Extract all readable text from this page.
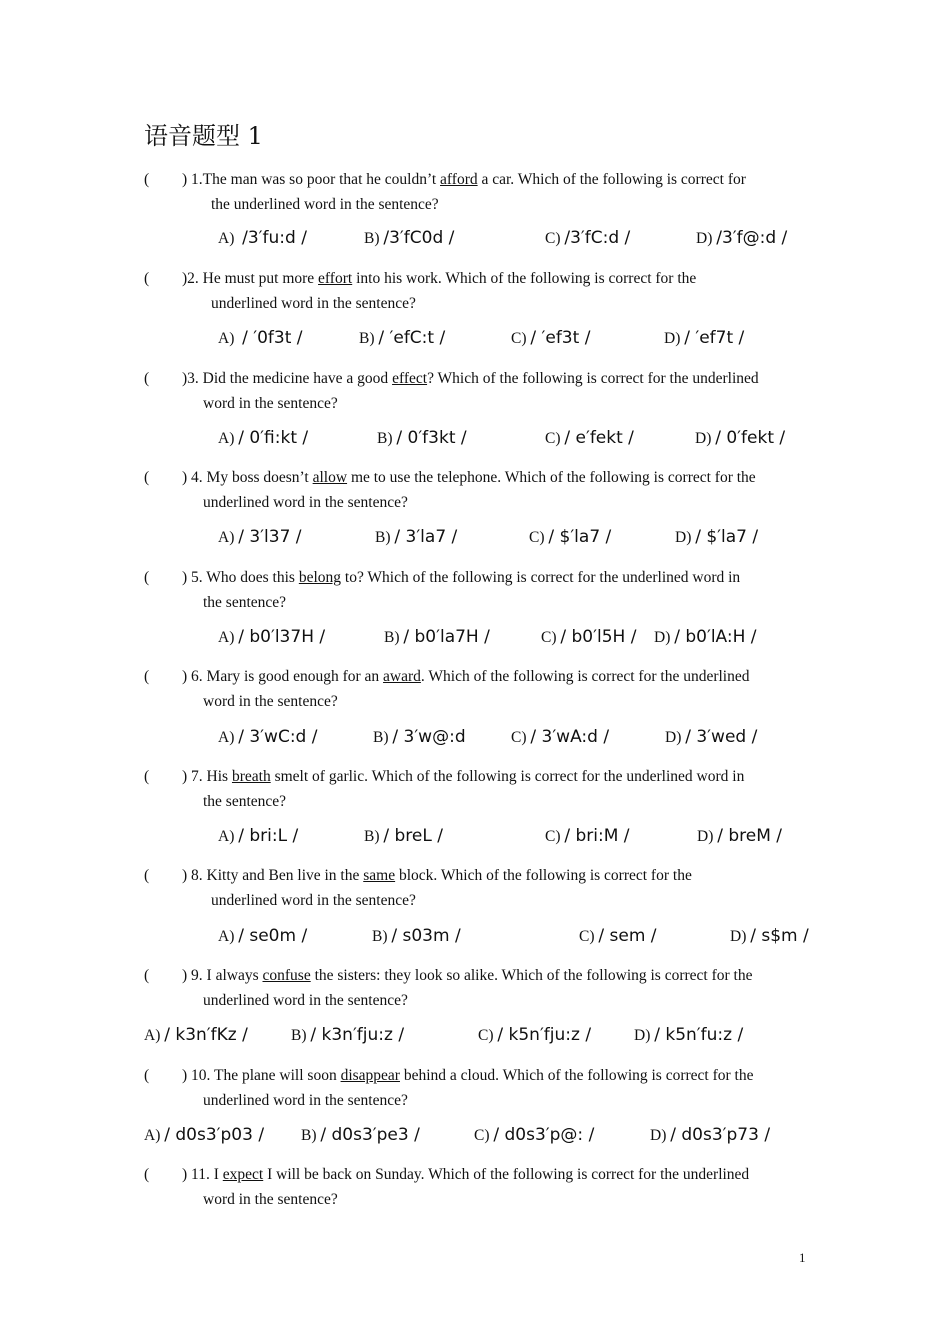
语音题型 1
( ) 1.The man was so poor that he couldn’t afford a car. Which of the following is correct for
the underlined word in the sentence?
A) /3′fu:d /	B) /3′fC0d /	C) /3′fC:d /	D) /3′f@:d /
( )2. He must put more effort into his work. Which of the following is correct for the
underlined word in the sentence?
A) / ′0f3t /	B) / ′efC:t /	C) / ′ef3t /	D) / ′ef7t /
( )3. Did the medicine have a good effect? Which of the following is correct for the underlined
word in the sentence?
A) / 0′fi:kt /	B) / 0′f3kt /	C) / e′fekt /	D) / 0′fekt /
( ) 4. My boss doesn’t allow me to use the telephone. Which of the following is correct for the
underlined word in the sentence?
A) / 3′l37 /	B) / 3′la7 /	C) / $′la7 /	D) / $′la7 /
( ) 5. Who does this belong to? Which of the following is correct for the underlined word in
the sentence?
A) / b0′l37H /	B) / b0′la7H /	C) / b0′l5H / D) / b0′lA:H /
( ) 6. Mary is good enough for an award. Which of the following is correct for the underlined
word in the sentence?
A) / 3′wC:d /	B) / 3′w@:d	C) / 3′wA:d /	D) / 3′wed /
( ) 7. His breath smelt of garlic. Which of the following is correct for the underlined word in
the sentence?
A) / bri:L /	B) / breL /	C) / bri:M /	D) / breM /
( ) 8. Kitty and Ben live in the same block. Which of the following is correct for the
underlined word in the sentence?
A) / se0m /	B) / s03m /	C) / sem /	D) / s$m /
( ) 9. I always confuse the sisters: they look so alike. Which of the following is correct for the
underlined word in the sentence?
A) / k3n′fKz /	B) / k3n′fju:z /	C) / k5n′fju:z /	D) / k5n′fu:z /
( ) 10. The plane will soon disappear behind a cloud. Which of the following is correct for the
underlined word in the sentence?
A) / d0s3′p03 / B) / d0s3′pe3 /	C) / d0s3′p@: /	D) / d0s3′p73 /
( ) 11. I expect I will be back on Sunday. Which of the following is correct for the underlined
word in the sentence?
1
